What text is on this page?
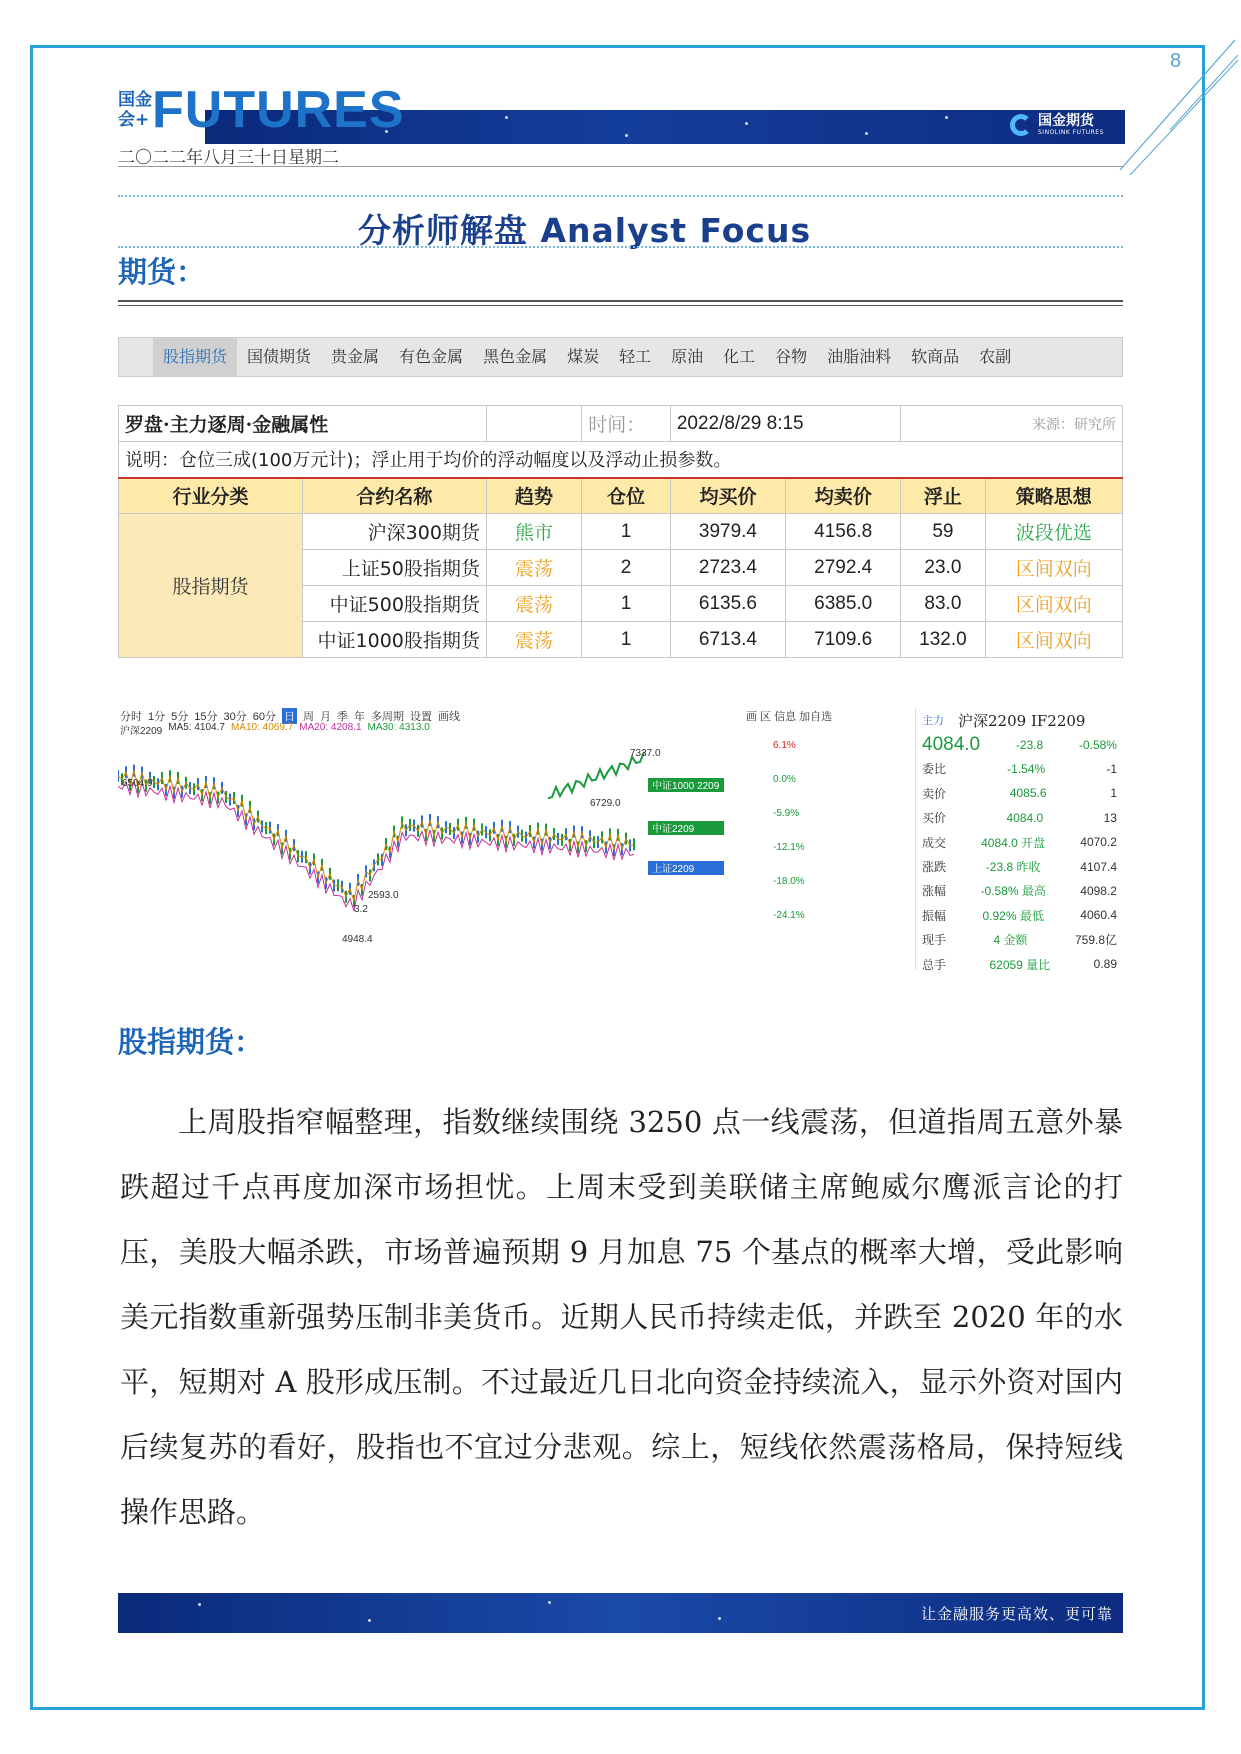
8
国金会+ FUTURES	国金期货
SINOLINK FUTURES
二〇二二年八月三十日星期二
分析师解盘 Analyst Focus
期货：
股指期货	国债期货	贵金属	有色金属	黑色金属	煤炭	轻工	原油	化工	谷物	油脂油料	软商品	农副
罗盘·主力逐周·金融属性			时间：	2022/8/29 8:15		来源：研究所	
说明：仓位三成(100万元计)；浮止用于均价的浮动幅度以及浮动止损参数。							
行业分类	合约名称	趋势	仓位	均买价	均卖价	浮止	策略思想
股指期货	沪深300期货	熊市	1	3979.4	4156.8	59	波段优选
	上证50股指期货	震荡	2	2723.4	2792.4	23.0	区间双向
	中证500股指期货	震荡	1	6135.6	6385.0	83.0	区间双向
	中证1000股指期货	震荡	1	6713.4	7109.6	132.0	区间双向
分时 1分 5分 15分 30分 60分 日 周 月 季 年 多周期 设置 画线	画 区 信息 加自选
沪深2209 MA5: 4104.7 MA10: 4069.7 MA20: 4208.1 MA30: 4313.0
7337.0
6729.0
6504.9
2593.0
3.2
4948.4
中证1000 2209
中证2209
上证2209
6.1%
0.0%
-5.9%
-12.1%
-18.0%
-24.1%
主力 沪深2209 IF2209
4084.0	-23.8	-0.58%
委比	-1.54%	-1
卖价	4085.6	1
买价	4084.0	13
成交	4084.0 开盘	4070.2
涨跌	-23.8 昨收	4107.4
涨幅	-0.58% 最高	4098.2
振幅	0.92% 最低	4060.4
现手	4 金额	759.8亿
总手	62059 量比	0.89
股指期货：
上周股指窄幅整理，指数继续围绕 3250 点一线震荡，但道指周五意外暴跌超过千点再度加深市场担忧。上周末受到美联储主席鲍威尔鹰派言论的打压，美股大幅杀跌，市场普遍预期 9 月加息 75 个基点的概率大增，受此影响美元指数重新强势压制非美货币。近期人民币持续走低，并跌至 2020 年的水平，短期对 A 股形成压制。不过最近几日北向资金持续流入，显示外资对国内后续复苏的看好，股指也不宜过分悲观。综上，短线依然震荡格局，保持短线操作思路。
让金融服务更高效、更可靠
